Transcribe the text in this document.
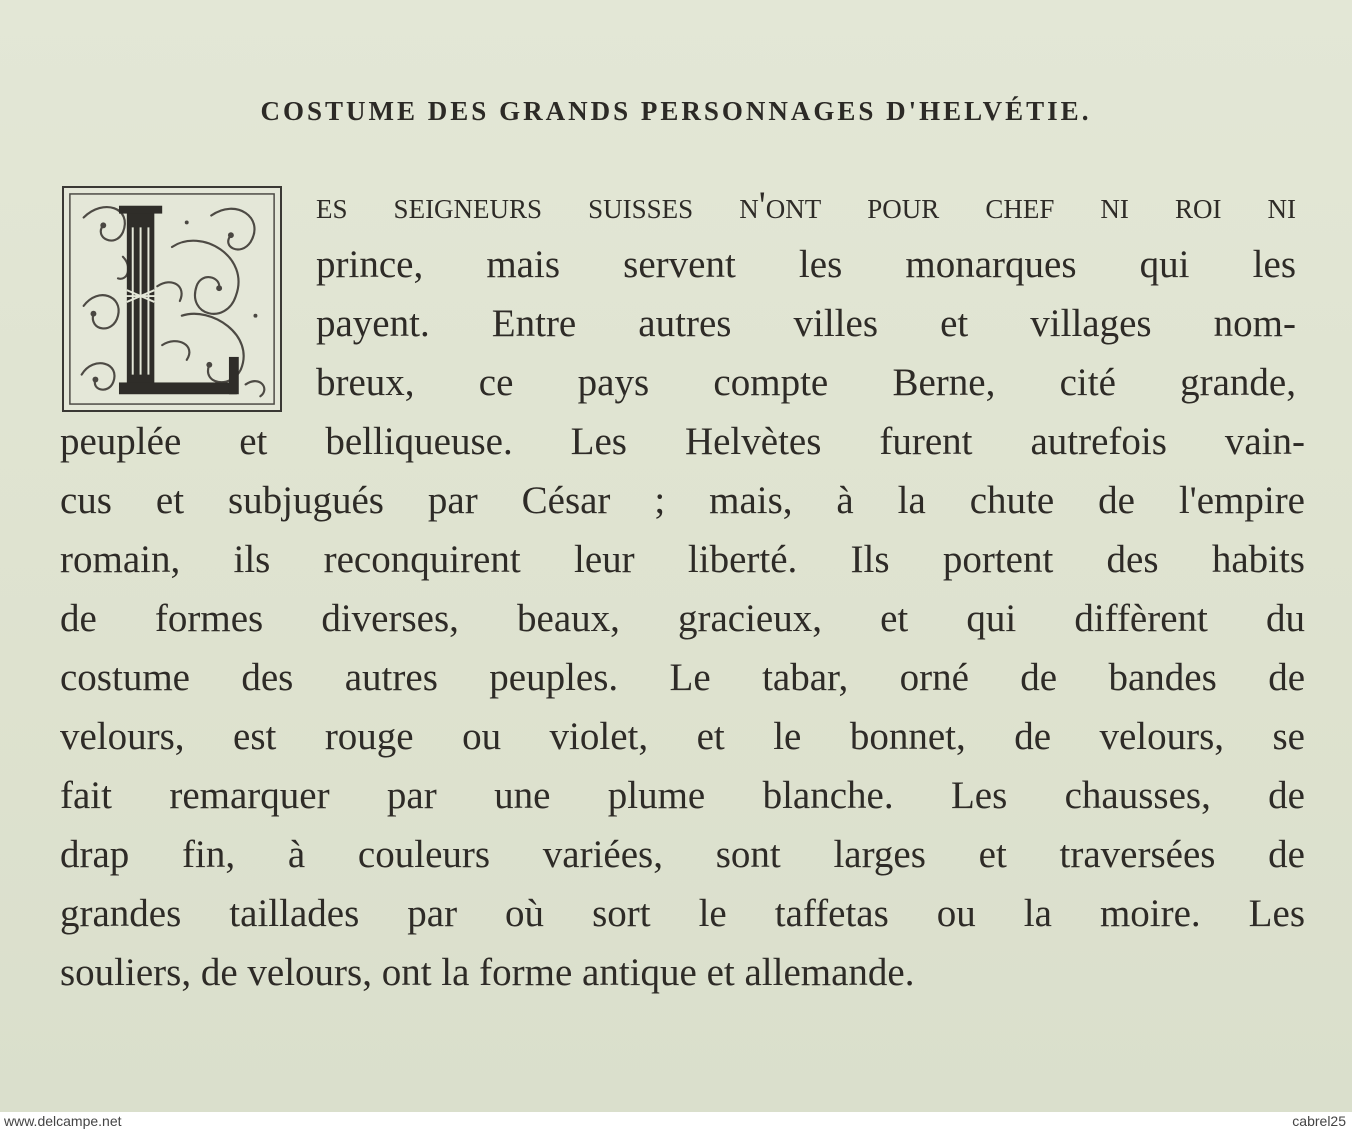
COSTUME DES GRANDS PERSONNAGES D'HELVÉTIE.
es seigneurs suisses n'ont pour chef ni roi ni
prince, mais servent les monarques qui les
payent. Entre autres villes et villages nom-
breux, ce pays compte Berne, cité grande,
peuplée et belliqueuse. Les Helvètes furent autrefois vain-
cus et subjugués par César ; mais, à la chute de l'empire
romain, ils reconquirent leur liberté. Ils portent des habits
de formes diverses, beaux, gracieux, et qui diffèrent du
costume des autres peuples. Le tabar, orné de bandes de
velours, est rouge ou violet, et le bonnet, de velours, se
fait remarquer par une plume blanche. Les chausses, de
drap fin, à couleurs variées, sont larges et traversées de
grandes taillades par où sort le taffetas ou la moire. Les
souliers, de velours, ont la forme antique et allemande.
www.delcampe.net	cabrel25
